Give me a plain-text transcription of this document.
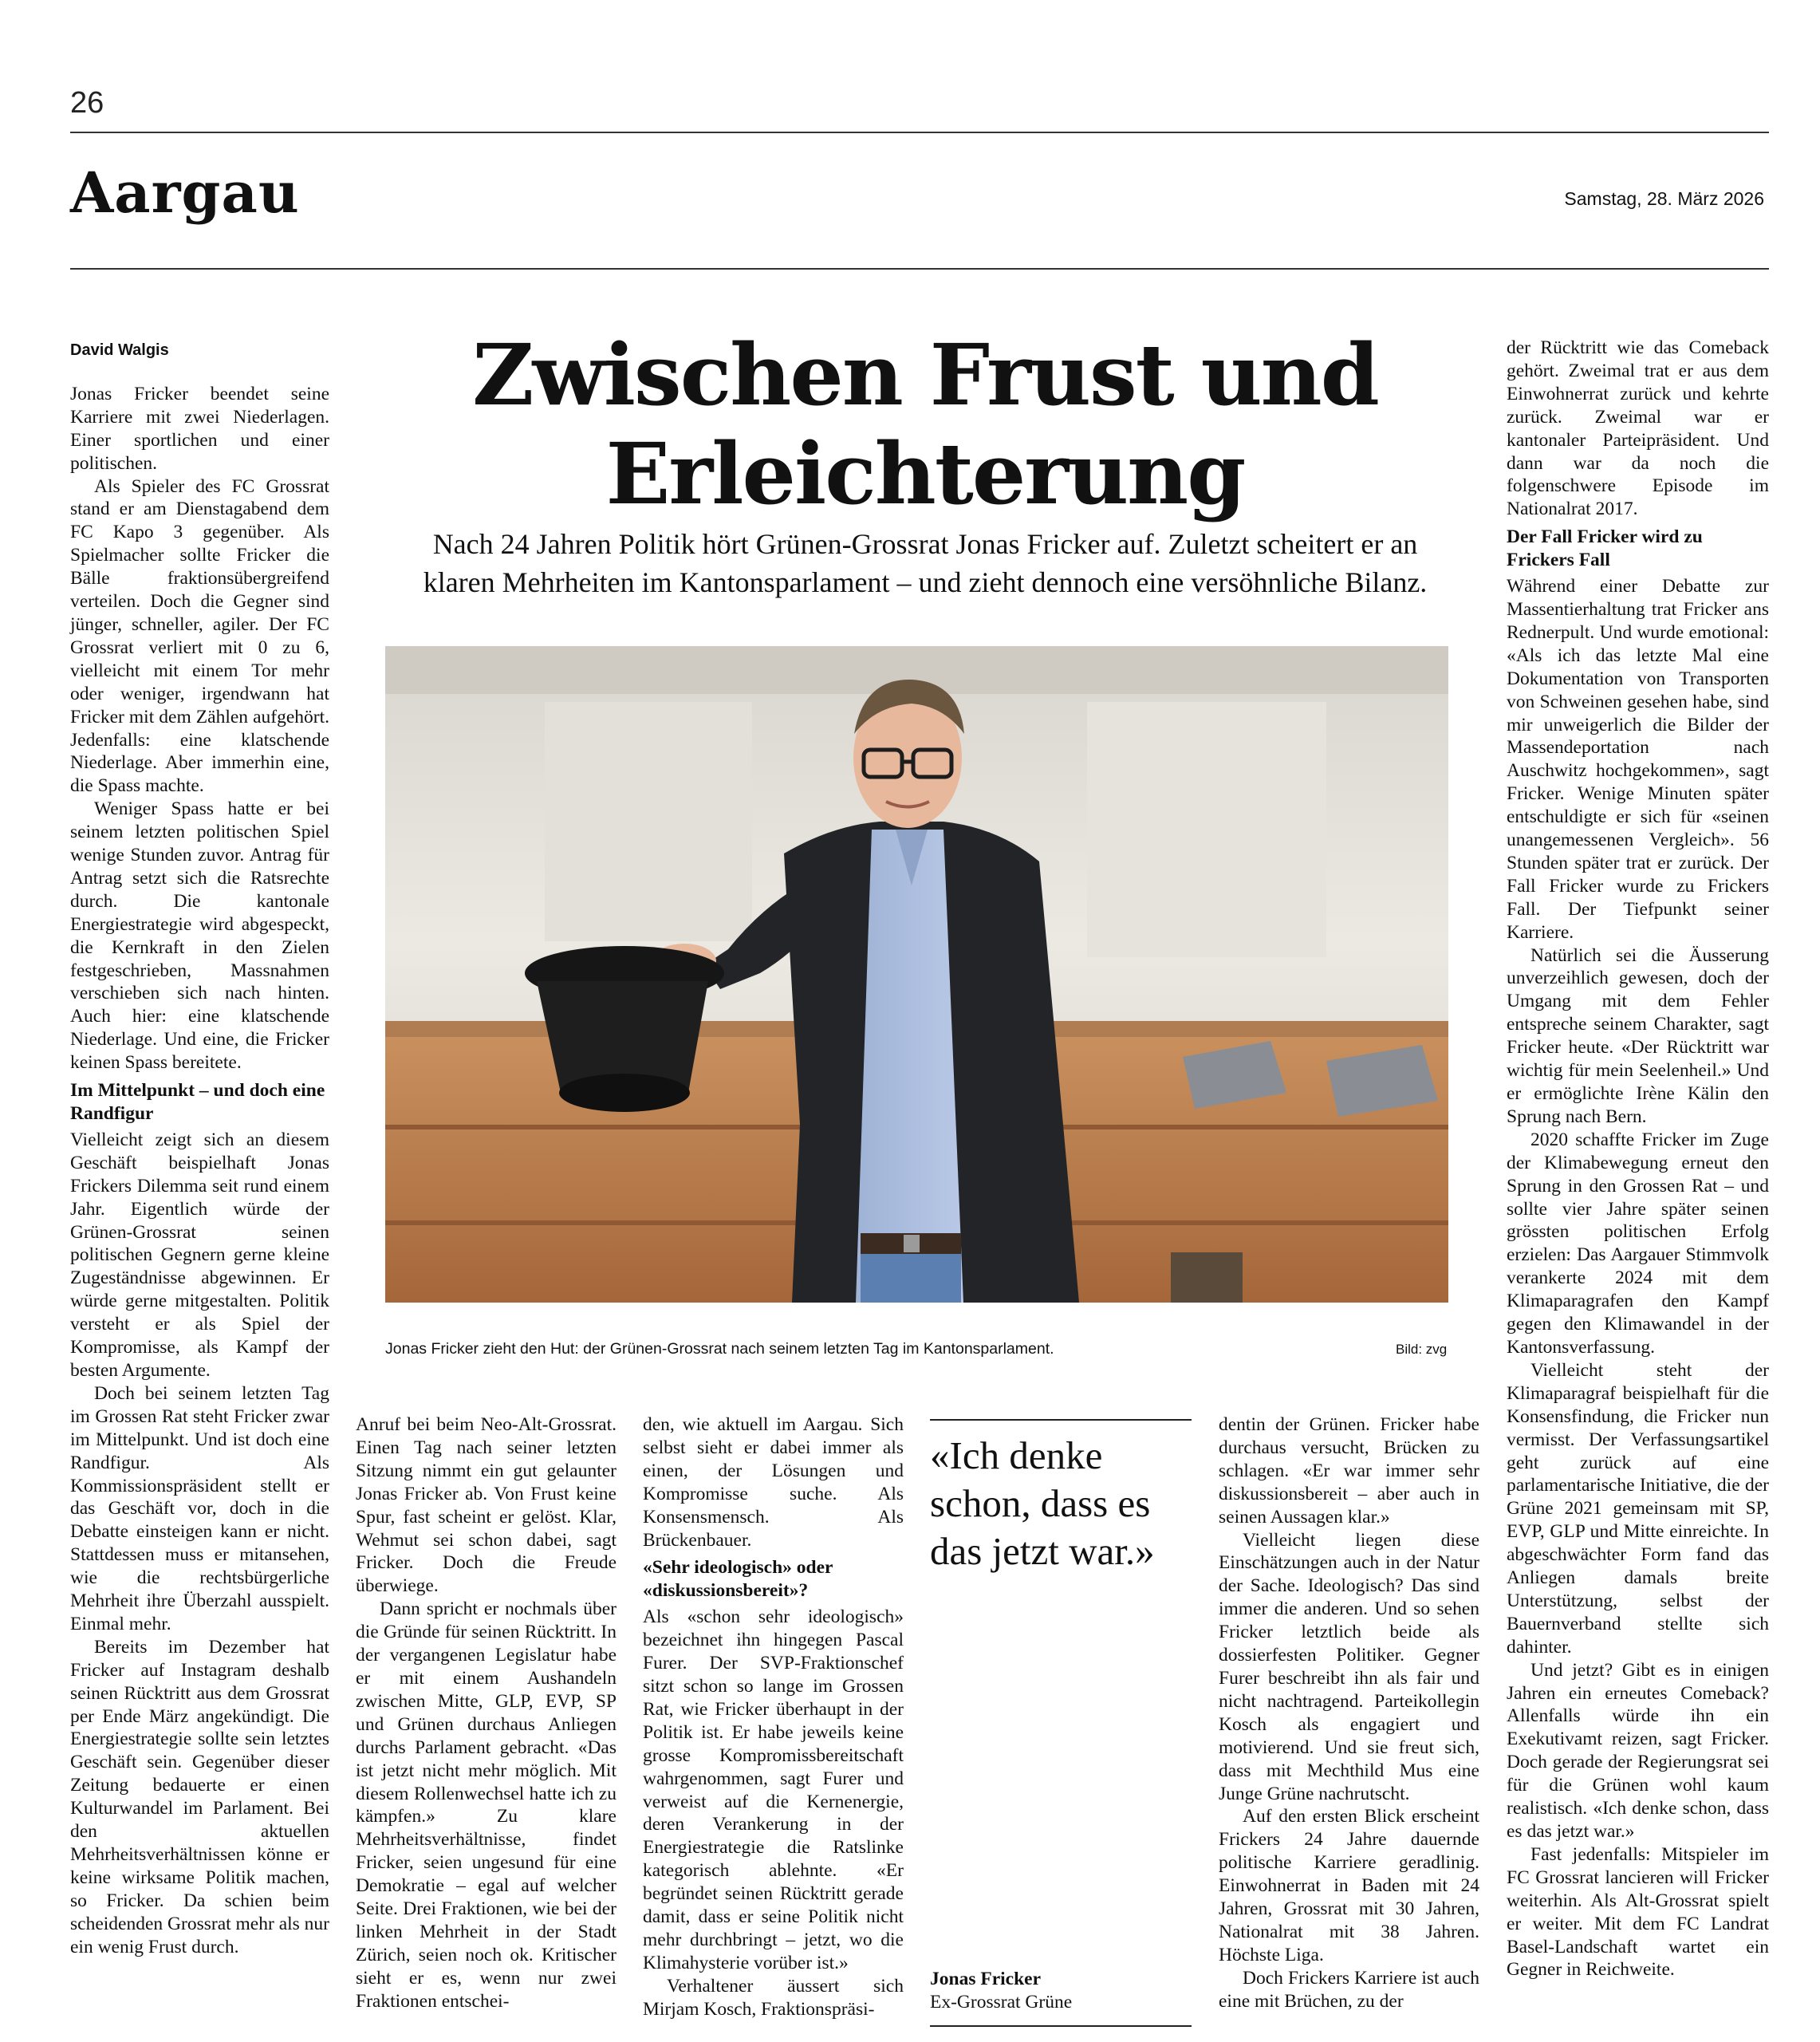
26
Aargau	Samstag, 28. März 2026
Zwischen Frust und
Erleichterung
Nach 24 Jahren Politik hört Grünen-Grossrat Jonas Fricker auf. Zuletzt scheitert er an
klaren Mehrheiten im Kantonsparlament – und zieht dennoch eine versöhnliche Bilanz.
Jonas Fricker zieht den Hut: der Grünen-Grossrat nach seinem letzten Tag im Kantonsparlament.	Bild: zvg
David Walgis

Jonas Fricker beendet seine Karriere mit zwei Niederlagen. Einer sportlichen und einer politischen.

Als Spieler des FC Grossrat stand er am Dienstagabend dem FC Kapo 3 gegenüber. Als Spielmacher sollte Fricker die Bälle fraktionsübergreifend verteilen. Doch die Gegner sind jünger, schneller, agiler. Der FC Grossrat verliert mit 0 zu 6, vielleicht mit einem Tor mehr oder weniger, irgendwann hat Fricker mit dem Zählen aufgehört. Jedenfalls: eine klatschende Niederlage. Aber immerhin eine, die Spass machte.

Weniger Spass hatte er bei seinem letzten politischen Spiel wenige Stunden zuvor. Antrag für Antrag setzt sich die Ratsrechte durch. Die kantonale Energiestrategie wird abgespeckt, die Kernkraft in den Zielen festgeschrieben, Massnahmen verschieben sich nach hinten. Auch hier: eine klatschende Niederlage. Und eine, die Fricker keinen Spass bereitete.

Im Mittelpunkt – und doch eine Randfigur

Vielleicht zeigt sich an diesem Geschäft beispielhaft Jonas Frickers Dilemma seit rund einem Jahr. Eigentlich würde der Grünen-Grossrat seinen politischen Gegnern gerne kleine Zugeständnisse abgewinnen. Er würde gerne mitgestalten. Politik versteht er als Spiel der Kompromisse, als Kampf der besten Argumente.

Doch bei seinem letzten Tag im Grossen Rat steht Fricker zwar im Mittelpunkt. Und ist doch eine Randfigur. Als Kommissionspräsident stellt er das Geschäft vor, doch in die Debatte einsteigen kann er nicht. Stattdessen muss er mitansehen, wie die rechtsbürgerliche Mehrheit ihre Überzahl ausspielt. Einmal mehr.

Bereits im Dezember hat Fricker auf Instagram deshalb seinen Rücktritt aus dem Grossrat per Ende März angekündigt. Die Energiestrategie sollte sein letztes Geschäft sein. Gegenüber dieser Zeitung bedauerte er einen Kulturwandel im Parlament. Bei den aktuellen Mehrheitsverhältnissen könne er keine wirksame Politik machen, so Fricker. Da schien beim scheidenden Grossrat mehr als nur ein wenig Frust durch.

Anruf bei beim Neo-Alt-Grossrat. Einen Tag nach seiner letzten Sitzung nimmt ein gut gelaunter Jonas Fricker ab. Von Frust keine Spur, fast scheint er gelöst. Klar, Wehmut sei schon dabei, sagt Fricker. Doch die Freude überwiege.

Dann spricht er nochmals über die Gründe für seinen Rücktritt. In der vergangenen Legislatur habe er mit einem Aushandeln zwischen Mitte, GLP, EVP, SP und Grünen durchaus Anliegen durchs Parlament gebracht. «Das ist jetzt nicht mehr möglich. Mit diesem Rollenwechsel hatte ich zu kämpfen.» Zu klare Mehrheitsverhältnisse, findet Fricker, seien ungesund für eine Demokratie – egal auf welcher Seite. Drei Fraktionen, wie bei der linken Mehrheit in der Stadt Zürich, seien noch ok. Kritischer sieht er es, wenn nur zwei Fraktionen entschei-

den, wie aktuell im Aargau. Sich selbst sieht er dabei immer als einen, der Lösungen und Kompromisse suche. Als Konsensmensch. Als Brückenbauer.

«Sehr ideologisch» oder «diskussionsbereit»?

Als «schon sehr ideologisch» bezeichnet ihn hingegen Pascal Furer. Der SVP-Fraktionschef sitzt schon so lange im Grossen Rat, wie Fricker überhaupt in der Politik ist. Er habe jeweils keine grosse Kompromissbereitschaft wahrgenommen, sagt Furer und verweist auf die Kernenergie, deren Verankerung in der Energiestrategie die Ratslinke kategorisch ablehnte. «Er begründet seinen Rücktritt gerade damit, dass er seine Politik nicht mehr durchbringt – jetzt, wo die Klimahysterie vorüber ist.»

Verhaltener äussert sich Mirjam Kosch, Fraktionspräsi-

«Ich denke schon, dass es das jetzt war.»
Jonas Fricker
Ex-Grossrat Grüne

dentin der Grünen. Fricker habe durchaus versucht, Brücken zu schlagen. «Er war immer sehr diskussionsbereit – aber auch in seinen Aussagen klar.»

Vielleicht liegen diese Einschätzungen auch in der Natur der Sache. Ideologisch? Das sind immer die anderen. Und so sehen Fricker letztlich beide als dossierfesten Politiker. Gegner Furer beschreibt ihn als fair und nicht nachtragend. Parteikollegin Kosch als engagiert und motivierend. Und sie freut sich, dass mit Mechthild Mus eine Junge Grüne nachrutscht.

Auf den ersten Blick erscheint Frickers 24 Jahre dauernde politische Karriere geradlinig. Einwohnerrat in Baden mit 24 Jahren, Grossrat mit 30 Jahren, Nationalrat mit 38 Jahren. Höchste Liga.

Doch Frickers Karriere ist auch eine mit Brüchen, zu der

der Rücktritt wie das Comeback gehört. Zweimal trat er aus dem Einwohnerrat zurück und kehrte zurück. Zweimal war er kantonaler Parteipräsident. Und dann war da noch die folgenschwere Episode im Nationalrat 2017.

Der Fall Fricker wird zu Frickers Fall

Während einer Debatte zur Massentierhaltung trat Fricker ans Rednerpult. Und wurde emotional: «Als ich das letzte Mal eine Dokumentation von Transporten von Schweinen gesehen habe, sind mir unweigerlich die Bilder der Massendeportation nach Auschwitz hochgekommen», sagt Fricker. Wenige Minuten später entschuldigte er sich für «seinen unangemessenen Vergleich». 56 Stunden später trat er zurück. Der Fall Fricker wurde zu Frickers Fall. Der Tiefpunkt seiner Karriere.

Natürlich sei die Äusserung unverzeihlich gewesen, doch der Umgang mit dem Fehler entspreche seinem Charakter, sagt Fricker heute. «Der Rücktritt war wichtig für mein Seelenheil.» Und er ermöglichte Irène Kälin den Sprung nach Bern.

2020 schaffte Fricker im Zuge der Klimabewegung erneut den Sprung in den Grossen Rat – und sollte vier Jahre später seinen grössten politischen Erfolg erzielen: Das Aargauer Stimmvolk verankerte 2024 mit dem Klimaparagrafen den Kampf gegen den Klimawandel in der Kantonsverfassung.

Vielleicht steht der Klimaparagraf beispielhaft für die Konsensfindung, die Fricker nun vermisst. Der Verfassungsartikel geht zurück auf eine parlamentarische Initiative, die der Grüne 2021 gemeinsam mit SP, EVP, GLP und Mitte einreichte. In abgeschwächter Form fand das Anliegen damals breite Unterstützung, selbst der Bauernverband stellte sich dahinter.

Und jetzt? Gibt es in einigen Jahren ein erneutes Comeback? Allenfalls würde ihn ein Exekutivamt reizen, sagt Fricker. Doch gerade der Regierungsrat sei für die Grünen wohl kaum realistisch. «Ich denke schon, dass es das jetzt war.»

Fast jedenfalls: Mitspieler im FC Grossrat lancieren will Fricker weiterhin. Als Alt-Grossrat spielt er weiter. Mit dem FC Landrat Basel-Landschaft wartet ein Gegner in Reichweite.
